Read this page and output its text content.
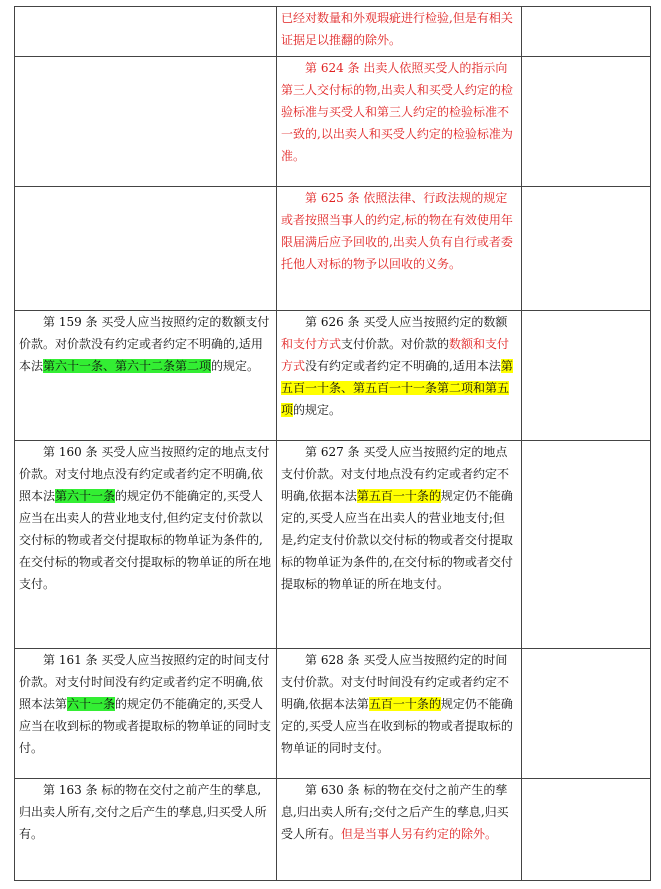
	已经对数量和外观瑕疵进行检验,但是有相关证据足以推翻的除外。	

	第 624 条 出卖人依照买受人的指示向第三人交付标的物,出卖人和买受人约定的检验标准与买受人和第三人约定的检验标准不一致的,以出卖人和买受人约定的检验标准为准。	

	第 625 条 依照法律、行政法规的规定或者按照当事人的约定,标的物在有效使用年限届满后应予回收的,出卖人负有自行或者委托他人对标的物予以回收的义务。	

第 159 条 买受人应当按照约定的数额支付价款。对价款没有约定或者约定不明确的,适用本法第六十一条、第六十二条第二项的规定。	第 626 条 买受人应当按照约定的数额和支付方式支付价款。对价款的数额和支付方式没有约定或者约定不明确的,适用本法第五百一十条、第五百一十一条第二项和第五项的规定。	

第 160 条 买受人应当按照约定的地点支付价款。对支付地点没有约定或者约定不明确,依照本法第六十一条的规定仍不能确定的,买受人应当在出卖人的营业地支付,但约定支付价款以交付标的物或者交付提取标的物单证为条件的,在交付标的物或者交付提取标的物单证的所在地支付。	第 627 条 买受人应当按照约定的地点支付价款。对支付地点没有约定或者约定不明确,依据本法第五百一十条的规定仍不能确定的,买受人应当在出卖人的营业地支付;但是,约定支付价款以交付标的物或者交付提取标的物单证为条件的,在交付标的物或者交付提取标的物单证的所在地支付。	

第 161 条 买受人应当按照约定的时间支付价款。对支付时间没有约定或者约定不明确,依照本法第六十一条的规定仍不能确定的,买受人应当在收到标的物或者提取标的物单证的同时支付。	第 628 条 买受人应当按照约定的时间支付价款。对支付时间没有约定或者约定不明确,依据本法第五百一十条的规定仍不能确定的,买受人应当在收到标的物或者提取标的物单证的同时支付。	

第 163 条 标的物在交付之前产生的孳息,归出卖人所有,交付之后产生的孳息,归买受人所有。	第 630 条 标的物在交付之前产生的孳息,归出卖人所有;交付之后产生的孳息,归买受人所有。但是当事人另有约定的除外。	
